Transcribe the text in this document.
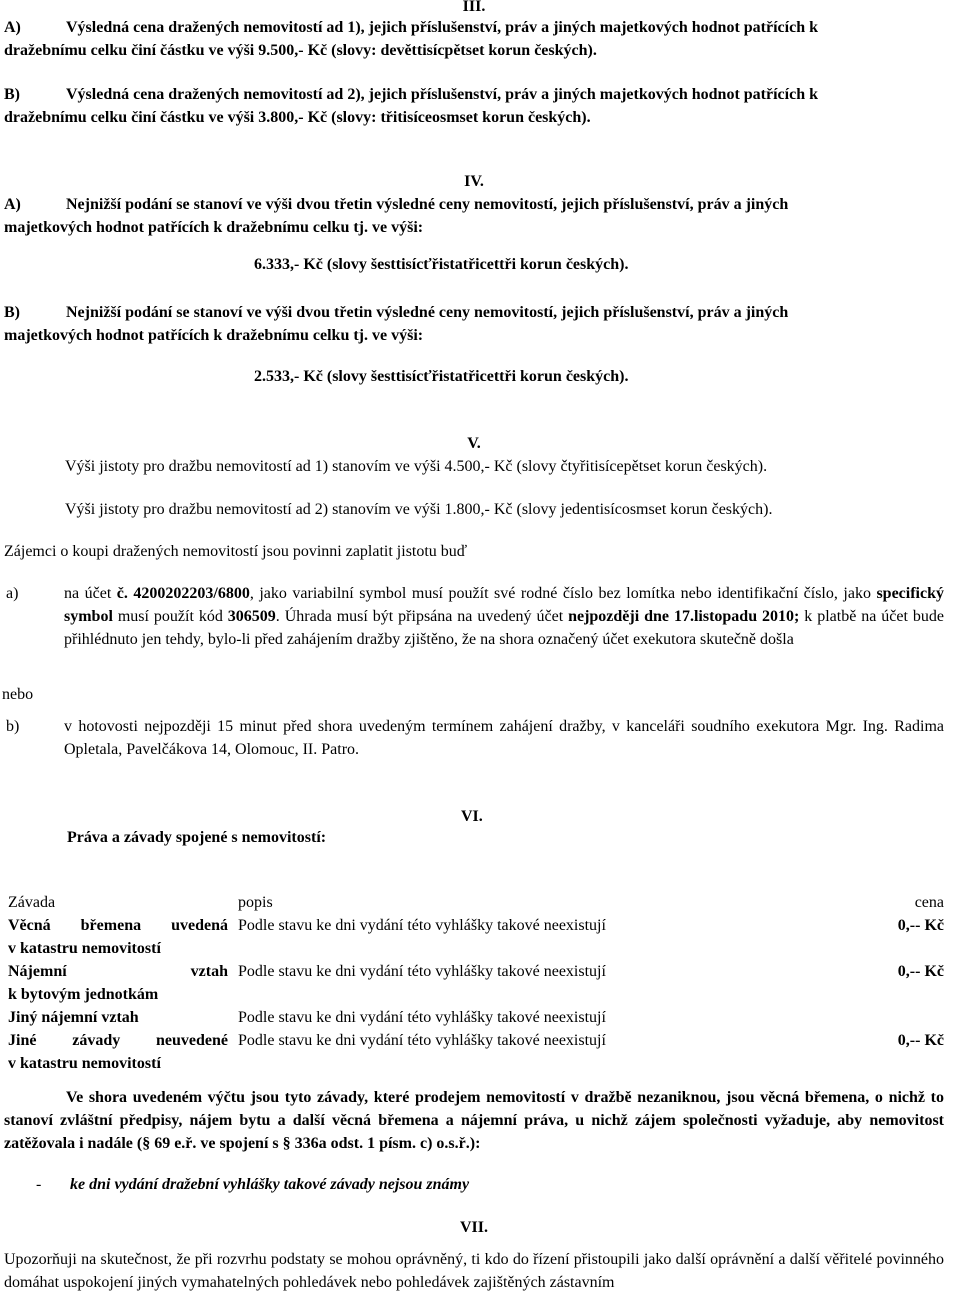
III.
A)	Výsledná cena dražených nemovitostí ad 1), jejich příslušenství, práv a jiných majetkových hodnot patřících k
dražebnímu celku činí částku ve výši 9.500,- Kč (slovy: devěttisícpětset korun českých).
B)	Výsledná cena dražených nemovitostí ad 2), jejich příslušenství, práv a jiných majetkových hodnot patřících k
dražebnímu celku činí částku ve výši 3.800,- Kč (slovy: třitisíceosmset korun českých).
IV.
A)	Nejnižší podání se stanoví ve výši dvou třetin výsledné ceny nemovitostí, jejich příslušenství, práv a jiných
majetkových hodnot patřících k dražebnímu celku tj. ve výši:
6.333,- Kč (slovy šesttisícťřistatřicettři korun českých).
B)	Nejnižší podání se stanoví ve výši dvou třetin výsledné ceny nemovitostí, jejich příslušenství, práv a jiných
majetkových hodnot patřících k dražebnímu celku tj. ve výši:
2.533,- Kč (slovy šesttisícťřistatřicettři korun českých).
V.
Výši jistoty pro dražbu nemovitostí ad 1) stanovím ve výši 4.500,- Kč (slovy čtyřitisícepětset korun českých).
Výši jistoty pro dražbu nemovitostí ad 2) stanovím ve výši 1.800,- Kč (slovy jedentisícosmset korun českých).
Zájemci o koupi dražených nemovitostí jsou povinni zaplatit jistotu buď
a)	na účet č. 4200202203/6800, jako variabilní symbol musí použít své rodné číslo bez lomítka nebo identifikační číslo, jako specifický symbol musí použít kód 306509. Úhrada musí být připsána na uvedený účet nejpozději dne 17.listopadu 2010; k platbě na účet bude přihlédnuto jen tehdy, bylo-li před zahájením dražby zjištěno, že na shora označený účet exekutora skutečně došla
nebo
b)	v hotovosti nejpozději 15 minut před shora uvedeným termínem zahájení dražby, v kanceláři soudního exekutora Mgr. Ing. Radima Opletala, Pavelčákova 14, Olomouc, II. Patro.
Práva a závady spojené s nemovitostí:
VI.
Závada	popis	cena

Věcná břemena uvedená
v katastru nemovitostí	Podle stavu ke dni vydání této vyhlášky takové neexistují	0,-- Kč

Nájemní vztah
k bytovým jednotkám	Podle stavu ke dni vydání této vyhlášky takové neexistují	0,-- Kč
Jiný nájemní vztah	Podle stavu ke dni vydání této vyhlášky takové neexistují	

Jiné závady neuvedené
v katastru nemovitostí	Podle stavu ke dni vydání této vyhlášky takové neexistují	0,-- Kč
Ve shora uvedeném výčtu jsou tyto závady, které prodejem nemovitostí v dražbě nezaniknou, jsou věcná břemena, o nichž to stanoví zvláštní předpisy, nájem bytu a další věcná břemena a nájemní práva, u nichž zájem společnosti vyžaduje, aby nemovitost zatěžovala i nadále (§ 69 e.ř. ve spojení s § 336a odst. 1 písm. c) o.s.ř.):
- ke dni vydání dražební vyhlášky takové závady nejsou známy
VII.
Upozorňuji na skutečnost, že při rozvrhu podstaty se mohou oprávněný, ti kdo do řízení přistoupili jako další oprávnění a další věřitelé povinného domáhat uspokojení jiných vymahatelných pohledávek nebo pohledávek zajištěných zástavním
